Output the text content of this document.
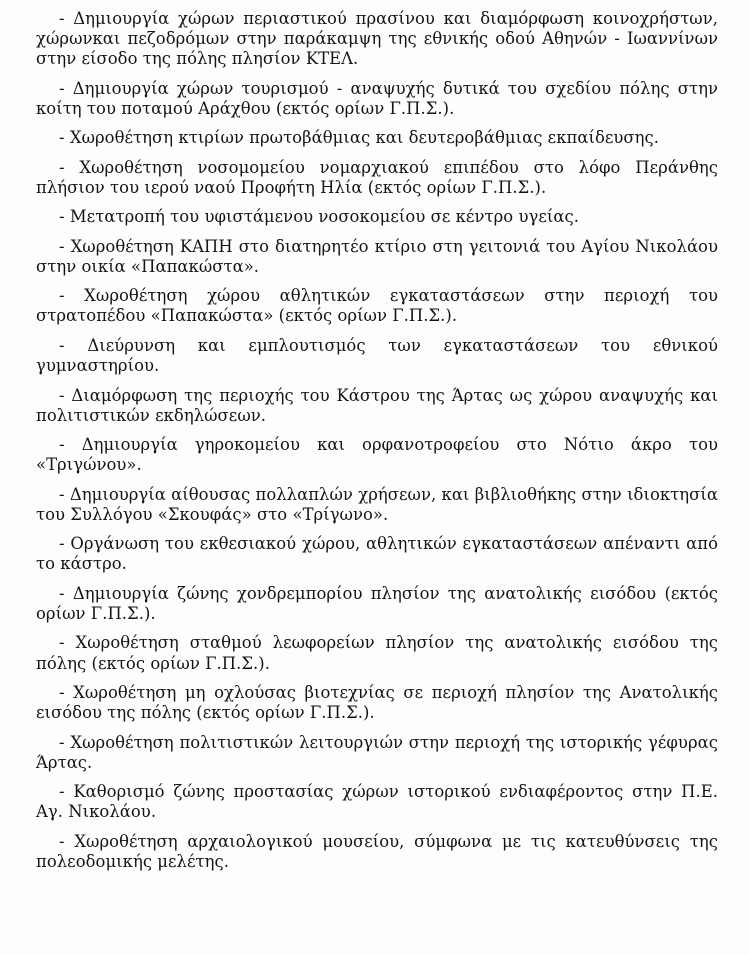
- Δημιουργία χώρων περιαστικού πρασίνου και διαμόρφωση κοινοχρήστων, χώρωνκαι πεζοδρόμων στην παράκαμψη της εθνικής οδού Αθηνών - Ιωαννίνων στην είσοδο της πόλης πλησίον ΚΤΕΛ.

- Δημιουργία χώρων τουρισμού - αναψυχής δυτικά του σχεδίου πόλης στην κοίτη του ποταμού Αράχθου (εκτός ορίων Γ.Π.Σ.).

- Χωροθέτηση κτιρίων πρωτοβάθμιας και δευτεροβάθμιας εκπαίδευσης.

- Χωροθέτηση νοσομομείου νομαρχιακού επιπέδου στο λόφο Περάνθης πλήσιον του ιερού ναού Προφήτη Ηλία (εκτός ορίων Γ.Π.Σ.).

- Μετατροπή του υφιστάμενου νοσοκομείου σε κέντρο υγείας.

- Χωροθέτηση ΚΑΠΗ στο διατηρητέο κτίριο στη γειτονιά του Αγίου Νικολάου στην οικία «Παπακώστα».

- Χωροθέτηση χώρου αθλητικών εγκαταστάσεων στην περιοχή του στρατοπέδου «Παπακώστα» (εκτός ορίων Γ.Π.Σ.).

- Διεύρυνση και εμπλουτισμός των εγκαταστάσεων του εθνικού γυμναστηρίου.

- Διαμόρφωση της περιοχής του Κάστρου της Άρτας ως χώρου αναψυχής και πολιτιστικών εκδηλώσεων.

- Δημιουργία γηροκομείου και ορφανοτροφείου στο Νότιο άκρο του «Τριγώνου».

- Δημιουργία αίθουσας πολλαπλών χρήσεων, και βιβλιοθήκης στην ιδιοκτησία του Συλλόγου «Σκουφάς» στο «Τρίγωνο».

- Οργάνωση του εκθεσιακού χώρου, αθλητικών εγκαταστάσεων απέναντι από το κάστρο.

- Δημιουργία ζώνης χονδρεμπορίου πλησίον της ανατολικής εισόδου (εκτός ορίων Γ.Π.Σ.).

- Χωροθέτηση σταθμού λεωφορείων πλησίον της ανατολικής εισόδου της πόλης (εκτός ορίων Γ.Π.Σ.).

- Χωροθέτηση μη οχλούσας βιοτεχνίας σε περιοχή πλησίον της Ανατολικής εισόδου της πόλης (εκτός ορίων Γ.Π.Σ.).

- Χωροθέτηση πολιτιστικών λειτουργιών στην περιοχή της ιστορικής γέφυρας Άρτας.

- Καθορισμό ζώνης προστασίας χώρων ιστορικού ενδιαφέροντος στην Π.Ε. Αγ. Νικολάου.

- Χωροθέτηση αρχαιολογικού μουσείου, σύμφωνα με τις κατευθύνσεις της πολεοδομικής μελέτης.
